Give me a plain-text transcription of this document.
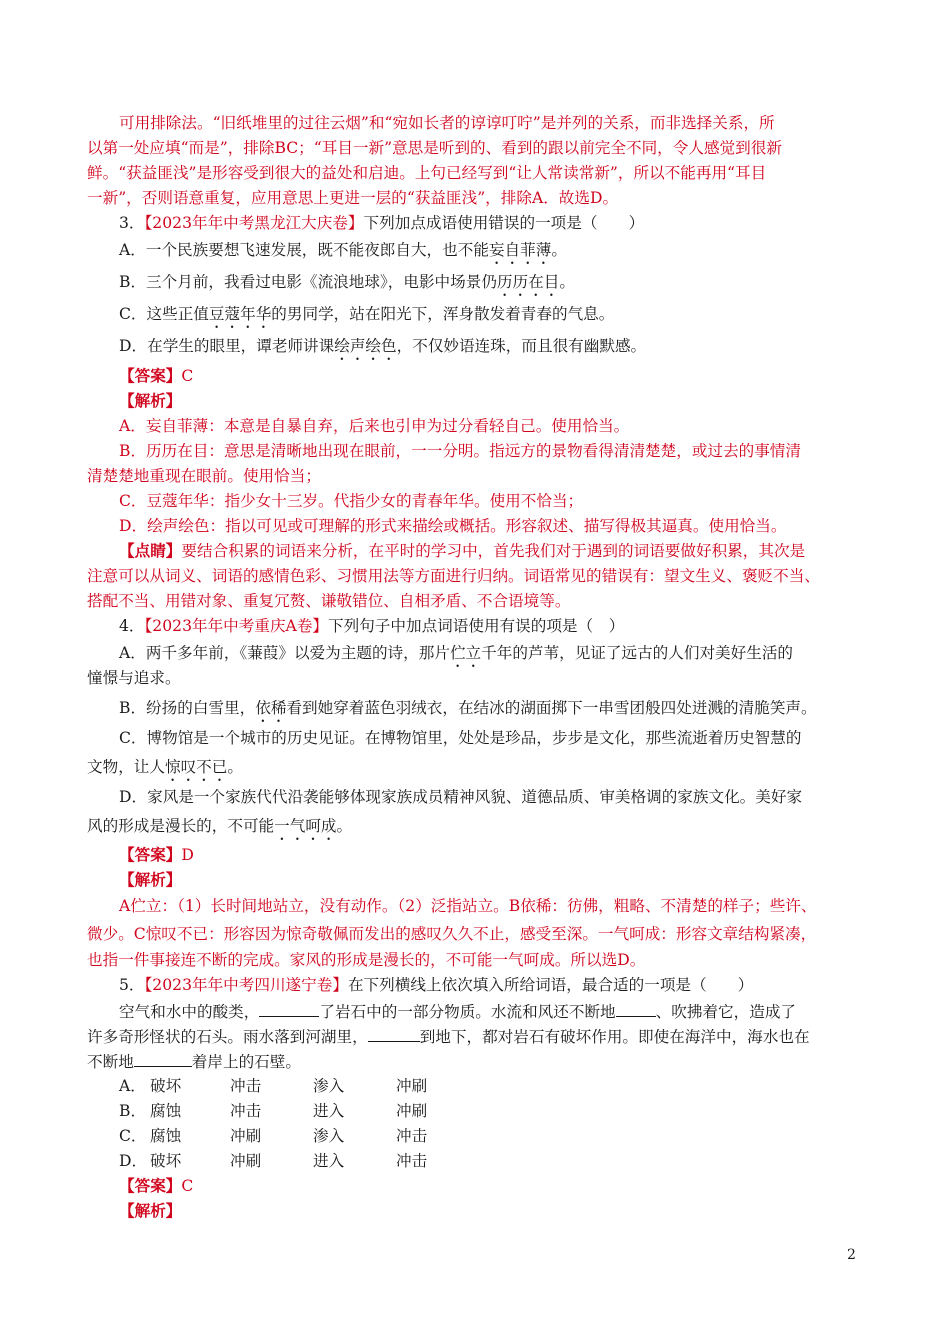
可用排除法。“旧纸堆里的过往云烟”和“宛如长者的谆谆叮咛”是并列的关系，而非选择关系，所
以第一处应填“而是”，排除BC；“耳目一新”意思是听到的、看到的跟以前完全不同，令人感觉到很新
鲜。“获益匪浅”是形容受到很大的益处和启迪。上句已经写到“让人常读常新”，所以不能再用“耳目
一新”，否则语意重复，应用意思上更进一层的“获益匪浅”，排除A．故选D。
3．【2023年年中考黑龙江大庆卷】下列加点成语使用错误的一项是（　　）
A．一个民族要想飞速发展，既不能夜郎自大，也不能妄自菲薄。
B．三个月前，我看过电影《流浪地球》，电影中场景仍历历在目。
C．这些正值豆蔻年华的男同学，站在阳光下，浑身散发着青春的气息。
D．在学生的眼里，谭老师讲课绘声绘色，不仅妙语连珠，而且很有幽默感。
【答案】C
【解析】
A．妄自菲薄：本意是自暴自弃，后来也引申为过分看轻自己。使用恰当。
B．历历在目：意思是清晰地出现在眼前，一一分明。指远方的景物看得清清楚楚，或过去的事情清
清楚楚地重现在眼前。使用恰当；
C．豆蔻年华：指少女十三岁。代指少女的青春年华。使用不恰当；
D．绘声绘色：指以可见或可理解的形式来描绘或概括。形容叙述、描写得极其逼真。使用恰当。
【点睛】要结合积累的词语来分析，在平时的学习中，首先我们对于遇到的词语要做好积累，其次是
注意可以从词义、词语的感情色彩、习惯用法等方面进行归纳。词语常见的错误有：望文生义、褒贬不当、
搭配不当、用错对象、重复冗赘、谦敬错位、自相矛盾、不合语境等。
4．【2023年年中考重庆A卷】下列句子中加点词语使用有误的项是（　）
A．两千多年前，《蒹葭》以爱为主题的诗，那片伫立千年的芦苇，见证了远古的人们对美好生活的
憧憬与追求。
B．纷扬的白雪里，依稀看到她穿着蓝色羽绒衣，在结冰的湖面掷下一串雪团般四处迸溅的清脆笑声。
C．博物馆是一个城市的历史见证。在博物馆里，处处是珍品，步步是文化，那些流逝着历史智慧的
文物，让人惊叹不已。
D．家风是一个家族代代沿袭能够体现家族成员精神风貌、道德品质、审美格调的家族文化。美好家
风的形成是漫长的，不可能一气呵成。
【答案】D
【解析】
A伫立：（1）长时间地站立，没有动作。（2）泛指站立。B依稀：彷佛，粗略、不清楚的样子；些许、
微少。C惊叹不已：形容因为惊奇敬佩而发出的感叹久久不止，感受至深。一气呵成：形容文章结构紧凑，
也指一件事接连不断的完成。家风的形成是漫长的，不可能一气呵成。所以选D。
5．【2023年年中考四川遂宁卷】在下列横线上依次填入所给词语，最合适的一项是（　　）
空气和水中的酸类，	了岩石中的一部分物质。水流和风还不断地	、吹拂着它，造成了
许多奇形怪状的石头。雨水落到河湖里，	到地下，都对岩石有破坏作用。即使在海洋中，海水也在
不断地	着岸上的石壁。
A． 破坏	冲击	渗入	冲刷
B． 腐蚀	冲击	进入	冲刷
C． 腐蚀	冲刷	渗入	冲击
D． 破坏	冲刷	进入	冲击
【答案】C
【解析】
2
